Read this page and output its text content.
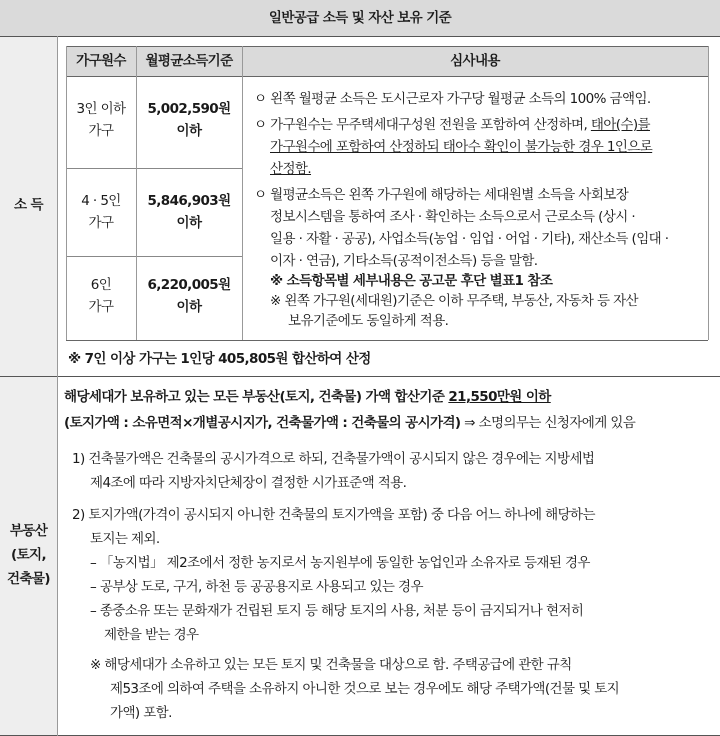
일반공급 소득 및 자산 보유 기준
소 득
부동산
(토지,
건축물)
가구원수	월평균소득기준	심사내용
3인 이하
가구
5,002,590원
이하
4 · 5인
가구
5,846,903원
이하
6인
가구
6,220,005원
이하
ㅇ 왼쪽 월평균 소득은 도시근로자 가구당 월평균 소득의 100% 금액임.
ㅇ 가구원수는 무주택세대구성원 전원을 포함하여 산정하며, 태아(수)를
가구원수에 포함하여 산정하되 태아수 확인이 불가능한 경우 1인으로
산정함.
ㅇ 월평균소득은 왼쪽 가구원에 해당하는 세대원별 소득을 사회보장
정보시스템을 통하여 조사 · 확인하는 소득으로서 근로소득 (상시 ·
일용 · 자활 · 공공), 사업소득(농업 · 임업 · 어업 · 기타), 재산소득 (임대 ·
이자 · 연금), 기타소득(공적이전소득) 등을 말함.
※ 소득항목별 세부내용은 공고문 후단 별표1 참조
※ 왼쪽 가구원(세대원)기준은 이하 무주택, 부동산, 자동차 등 자산
보유기준에도 동일하게 적용.
※ 7인 이상 가구는 1인당 405,805원 합산하여 산정
해당세대가 보유하고 있는 모든 부동산(토지, 건축물) 가액 합산기준 21,550만원 이하
(토지가액 : 소유면적×개별공시지가, 건축물가액 : 건축물의 공시가격) ⇒ 소명의무는 신청자에게 있음
1) 건축물가액은 건축물의 공시가격으로 하되, 건축물가액이 공시되지 않은 경우에는 지방세법
제4조에 따라 지방자치단체장이 결정한 시가표준액 적용.
2) 토지가액(가격이 공시되지 아니한 건축물의 토지가액을 포함) 중 다음 어느 하나에 해당하는
토지는 제외.
– 「농지법」 제2조에서 정한 농지로서 농지원부에 동일한 농업인과 소유자로 등재된 경우
– 공부상 도로, 구거, 하천 등 공공용지로 사용되고 있는 경우
– 종중소유 또는 문화재가 건립된 토지 등 해당 토지의 사용, 처분 등이 금지되거나 현저히
제한을 받는 경우
※ 해당세대가 소유하고 있는 모든 토지 및 건축물을 대상으로 함. 주택공급에 관한 규칙
제53조에 의하여 주택을 소유하지 아니한 것으로 보는 경우에도 해당 주택가액(건물 및 토지
가액) 포함.
